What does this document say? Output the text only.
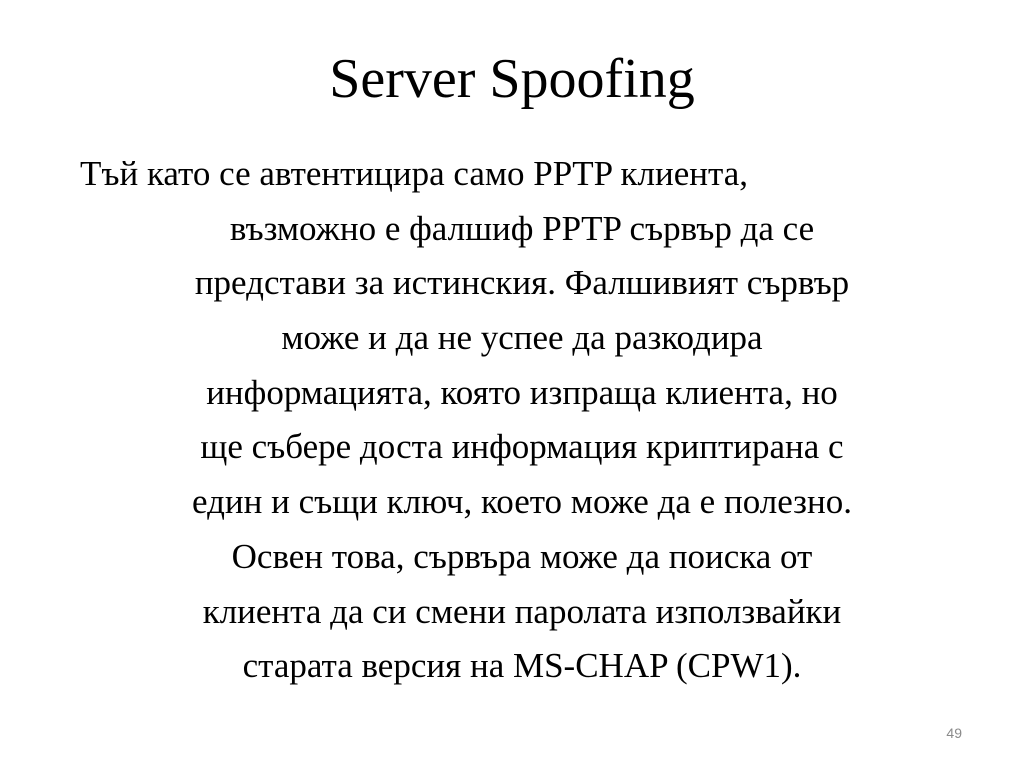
Server Spoofing
Тъй като се автентицира само PPTP клиента,
възможно е фалшиф PPTP сървър да се
представи за истинския. Фалшивият сървър
може и да не успее да разкодира
информацията, която изпраща клиента, но
ще събере доста информация криптирана с
един и същи ключ, което може да е полезно.
Освен това, сървъра може да поиска от
клиента да си смени паролата използвайки
старата версия на MS-CHAP (CPW1).
49
